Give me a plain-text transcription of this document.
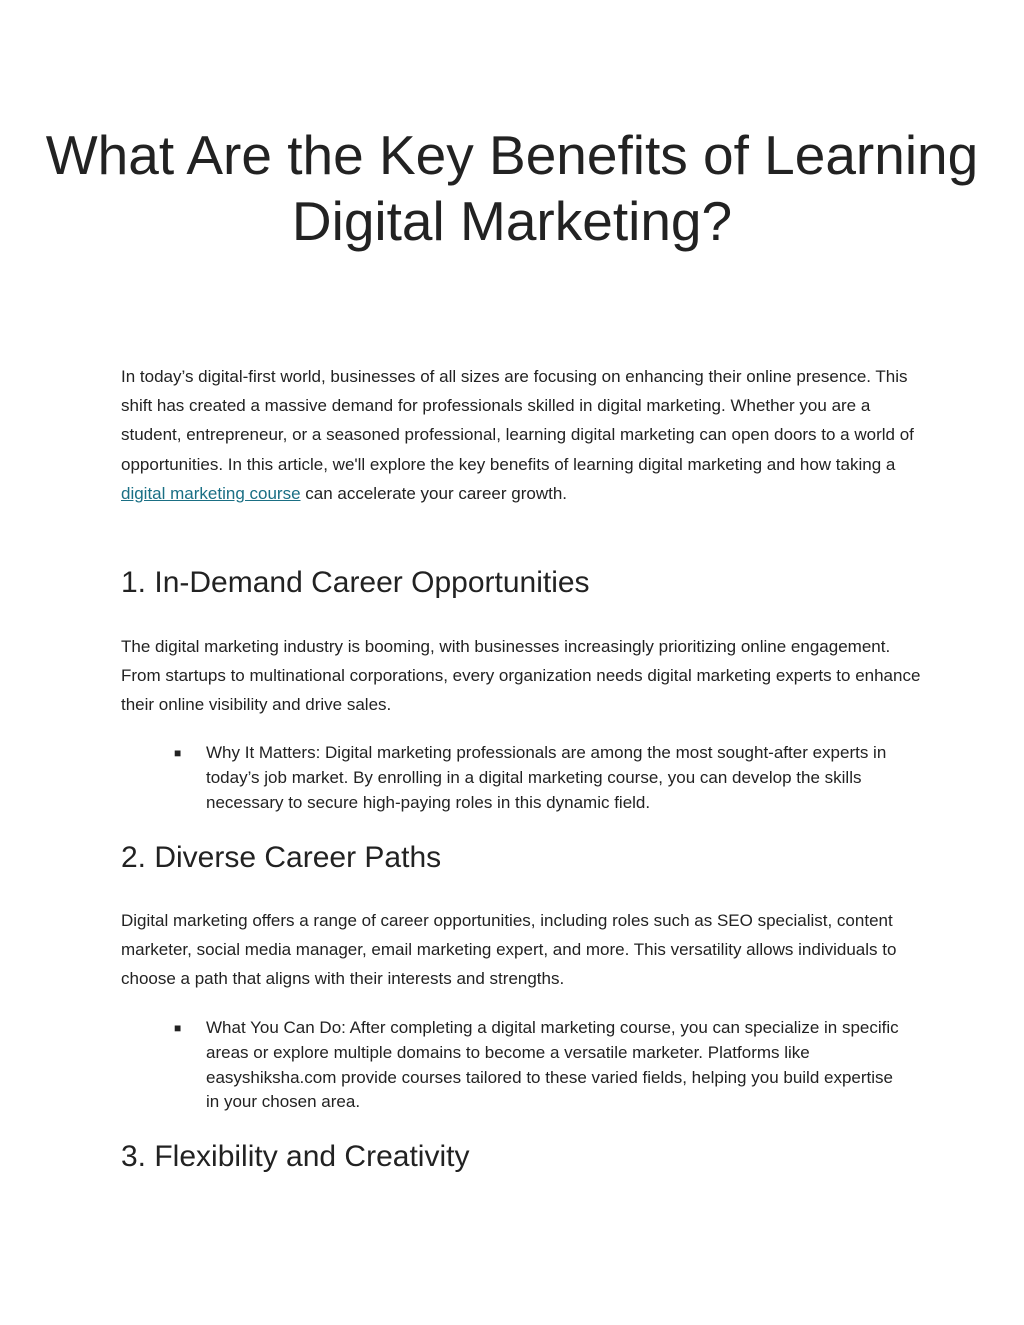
What Are the Key Benefits of Learning Digital Marketing?

In today’s digital-first world, businesses of all sizes are focusing on enhancing their online presence. This shift has created a massive demand for professionals skilled in digital marketing. Whether you are a student, entrepreneur, or a seasoned professional, learning digital marketing can open doors to a world of opportunities. In this article, we'll explore the key benefits of learning digital marketing and how taking a digital marketing course can accelerate your career growth.

1. In-Demand Career Opportunities

The digital marketing industry is booming, with businesses increasingly prioritizing online engagement. From startups to multinational corporations, every organization needs digital marketing experts to enhance their online visibility and drive sales.

■ Why It Matters: Digital marketing professionals are among the most sought-after experts in today’s job market. By enrolling in a digital marketing course, you can develop the skills necessary to secure high-paying roles in this dynamic field.
2. Diverse Career Paths

Digital marketing offers a range of career opportunities, including roles such as SEO specialist, content marketer, social media manager, email marketing expert, and more. This versatility allows individuals to choose a path that aligns with their interests and strengths.

■ What You Can Do: After completing a digital marketing course, you can specialize in specific areas or explore multiple domains to become a versatile marketer. Platforms like easyshiksha.com provide courses tailored to these varied fields, helping you build expertise in your chosen area.
3. Flexibility and Creativity
